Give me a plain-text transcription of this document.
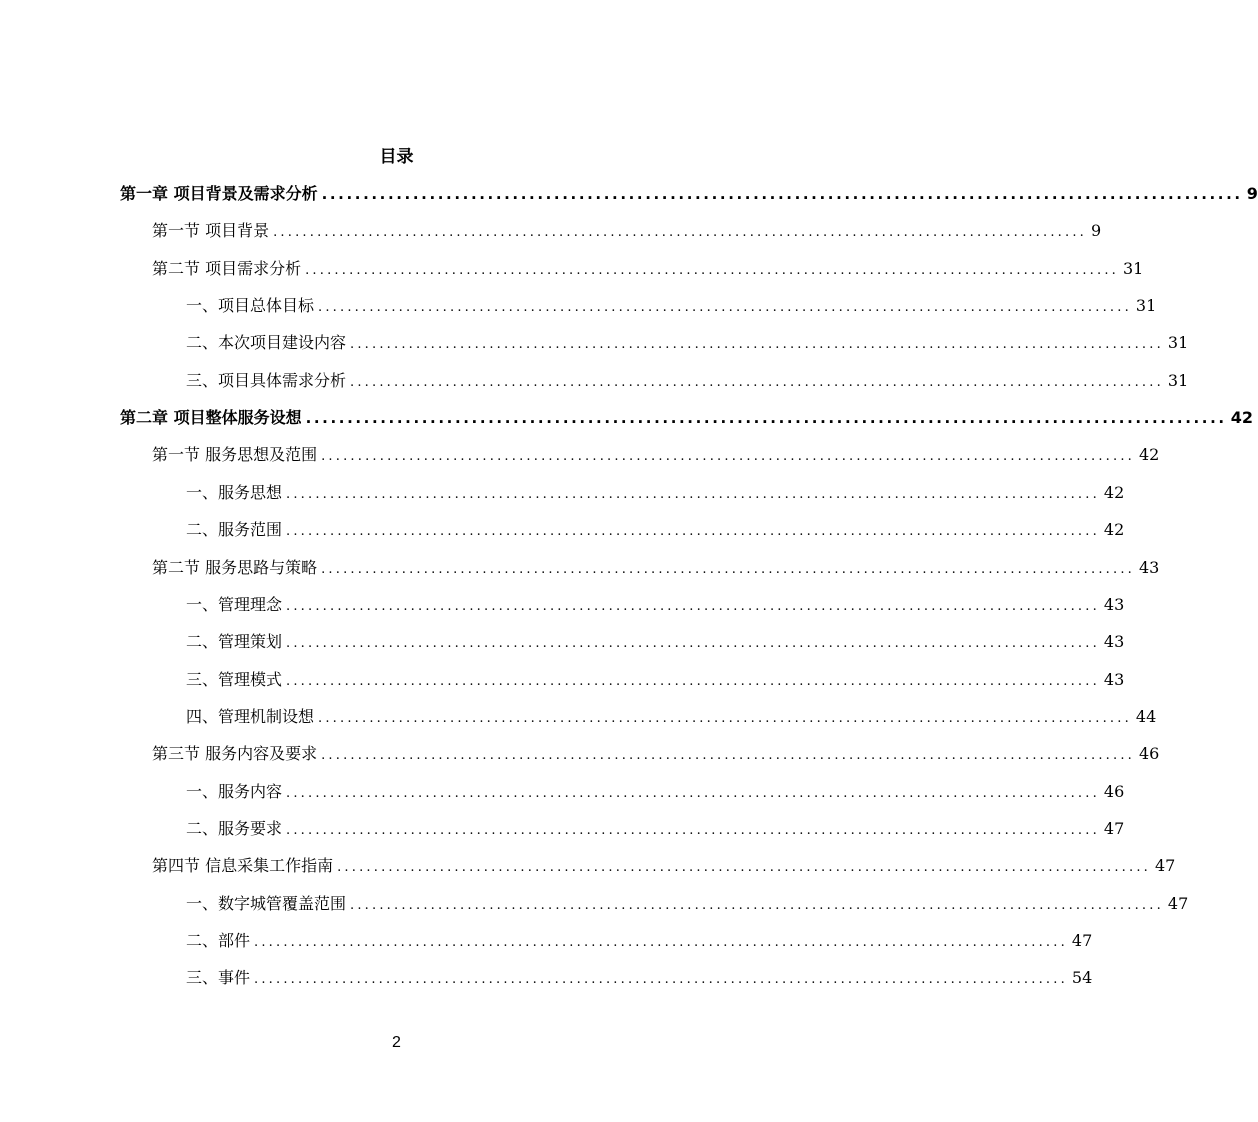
目录
第一章 项目背景及需求分析 ............................................................................................................... 9
第一节 项目背景 ............................................................................................................... 9
第二节 项目需求分析 ............................................................................................................... 31
一、项目总体目标 ............................................................................................................... 31
二、本次项目建设内容 ............................................................................................................... 31
三、项目具体需求分析 ............................................................................................................... 31
第二章 项目整体服务设想 ............................................................................................................... 42
第一节 服务思想及范围 ............................................................................................................... 42
一、服务思想 ............................................................................................................... 42
二、服务范围 ............................................................................................................... 42
第二节 服务思路与策略 ............................................................................................................... 43
一、管理理念 ............................................................................................................... 43
二、管理策划 ............................................................................................................... 43
三、管理模式 ............................................................................................................... 43
四、管理机制设想 ............................................................................................................... 44
第三节 服务内容及要求 ............................................................................................................... 46
一、服务内容 ............................................................................................................... 46
二、服务要求 ............................................................................................................... 47
第四节 信息采集工作指南 ............................................................................................................... 47
一、数字城管覆盖范围 ............................................................................................................... 47
二、部件 ............................................................................................................... 47
三、事件 ............................................................................................................... 54
2
